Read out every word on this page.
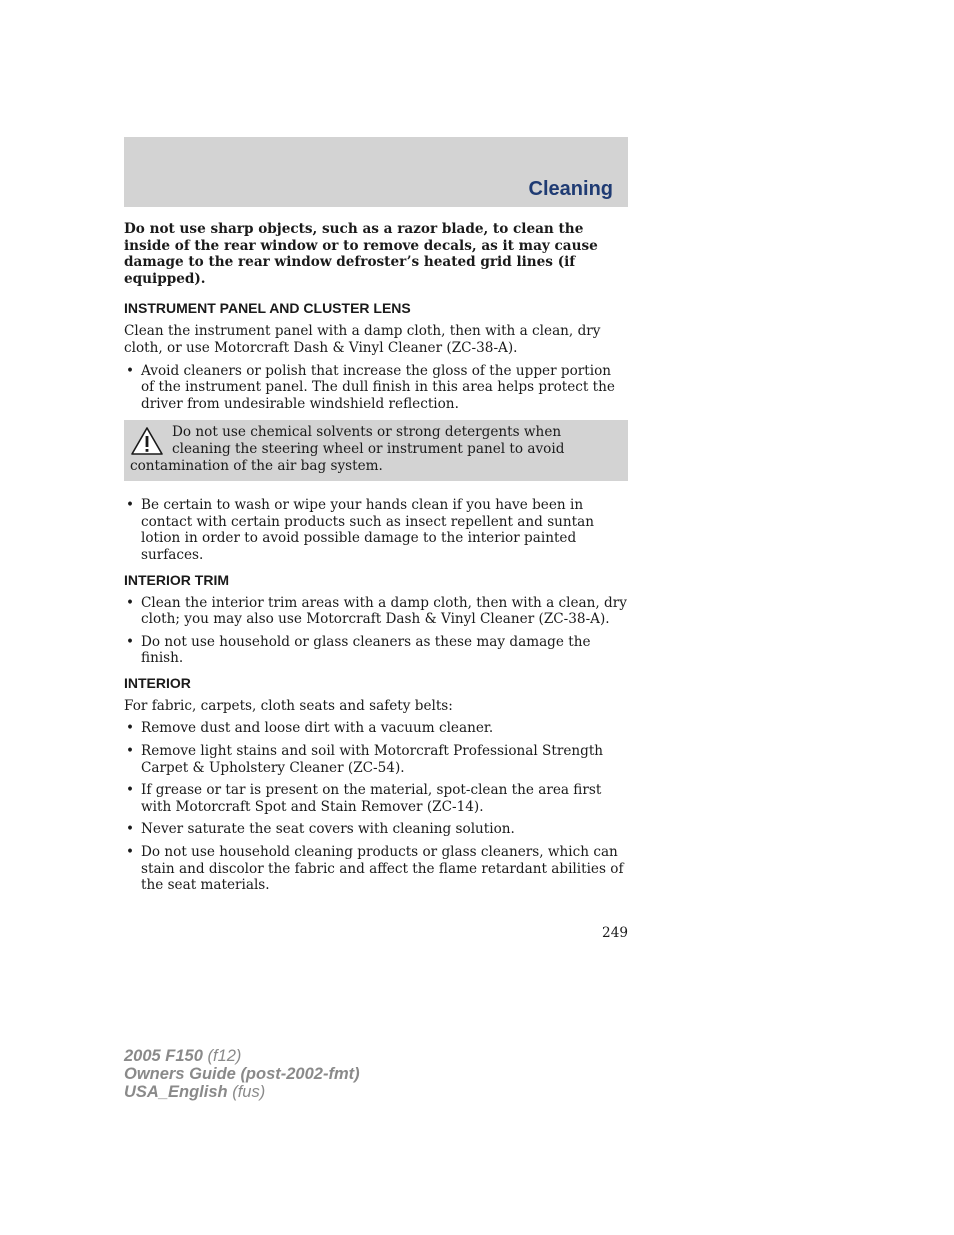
Cleaning

Do not use sharp objects, such as a razor blade, to clean the inside of the rear window or to remove decals, as it may cause damage to the rear window defroster’s heated grid lines (if equipped).

INSTRUMENT PANEL AND CLUSTER LENS

Clean the instrument panel with a damp cloth, then with a clean, dry cloth, or use Motorcraft Dash & Vinyl Cleaner (ZC-38-A).

• Avoid cleaners or polish that increase the gloss of the upper portion of the instrument panel. The dull finish in this area helps protect the driver from undesirable windshield reflection.
Do not use chemical solvents or strong detergents when cleaning the steering wheel or instrument panel to avoid contamination of the air bag system.
• Be certain to wash or wipe your hands clean if you have been in contact with certain products such as insect repellent and suntan lotion in order to avoid possible damage to the interior painted surfaces.
INTERIOR TRIM
• Clean the interior trim areas with a damp cloth, then with a clean, dry cloth; you may also use Motorcraft Dash & Vinyl Cleaner (ZC-38-A).
• Do not use household or glass cleaners as these may damage the finish.
INTERIOR

For fabric, carpets, cloth seats and safety belts:

• Remove dust and loose dirt with a vacuum cleaner.
• Remove light stains and soil with Motorcraft Professional Strength Carpet & Upholstery Cleaner (ZC-54).
• If grease or tar is present on the material, spot-clean the area first with Motorcraft Spot and Stain Remover (ZC-14).
• Never saturate the seat covers with cleaning solution.
• Do not use household cleaning products or glass cleaners, which can stain and discolor the fabric and affect the flame retardant abilities of the seat materials.
249
2005 F150 (f12)
Owners Guide (post-2002-fmt)
USA_English (fus)
